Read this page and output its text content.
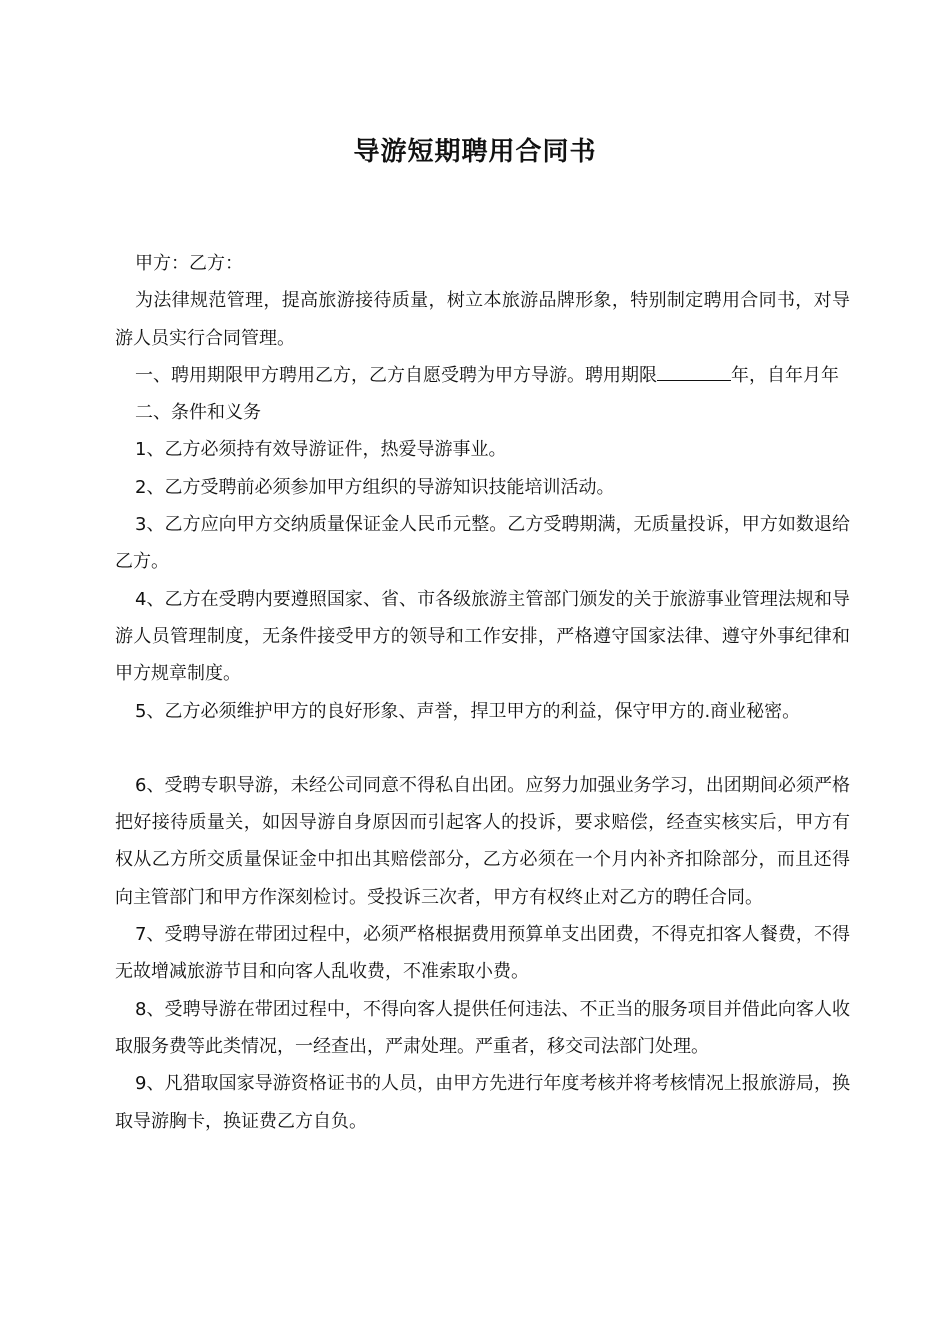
导游短期聘用合同书

甲方：乙方：

为法律规范管理，提高旅游接待质量，树立本旅游品牌形象，特别制定聘用合同书，对导游人员实行合同管理。

一、聘用期限甲方聘用乙方，乙方自愿受聘为甲方导游。聘用期限	年，自年月年

二、条件和义务

1、乙方必须持有效导游证件，热爱导游事业。

2、乙方受聘前必须参加甲方组织的导游知识技能培训活动。

3、乙方应向甲方交纳质量保证金人民币元整。乙方受聘期满，无质量投诉，甲方如数退给乙方。

4、乙方在受聘内要遵照国家、省、市各级旅游主管部门颁发的关于旅游事业管理法规和导游人员管理制度，无条件接受甲方的领导和工作安排，严格遵守国家法律、遵守外事纪律和甲方规章制度。

5、乙方必须维护甲方的良好形象、声誉，捍卫甲方的利益，保守甲方的.商业秘密。

6、受聘专职导游，未经公司同意不得私自出团。应努力加强业务学习，出团期间必须严格把好接待质量关，如因导游自身原因而引起客人的投诉，要求赔偿，经查实核实后，甲方有权从乙方所交质量保证金中扣出其赔偿部分，乙方必须在一个月内补齐扣除部分，而且还得向主管部门和甲方作深刻检讨。受投诉三次者，甲方有权终止对乙方的聘任合同。

7、受聘导游在带团过程中，必须严格根据费用预算单支出团费，不得克扣客人餐费，不得无故增减旅游节目和向客人乱收费，不准索取小费。

8、受聘导游在带团过程中，不得向客人提供任何违法、不正当的服务项目并借此向客人收取服务费等此类情况，一经查出，严肃处理。严重者，移交司法部门处理。

9、凡猎取国家导游资格证书的人员，由甲方先进行年度考核并将考核情况上报旅游局，换取导游胸卡，换证费乙方自负。
